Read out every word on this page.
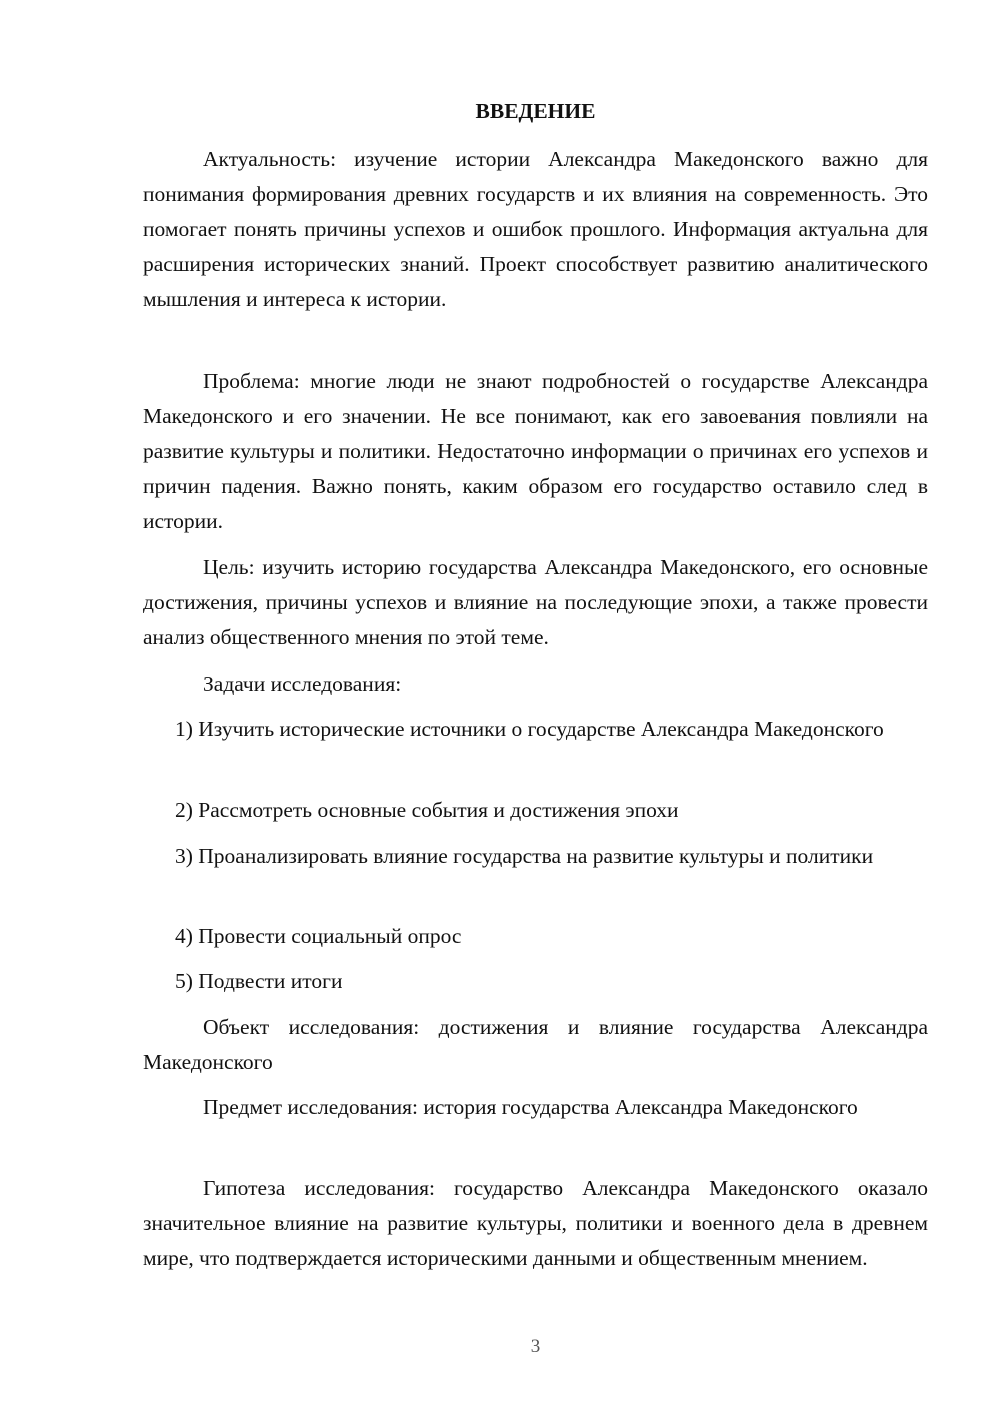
ВВЕДЕНИЕ

Актуальность: изучение истории Александра Македонского важно для понимания формирования древних государств и их влияния на современность. Это помогает понять причины успехов и ошибок прошлого. Информация актуальна для расширения исторических знаний. Проект способствует развитию аналитического мышления и интереса к истории.

Проблема: многие люди не знают подробностей о государстве Александра Македонского и его значении. Не все понимают, как его завоевания повлияли на развитие культуры и политики. Недостаточно информации о причинах его успехов и причин падения. Важно понять, каким образом его государство оставило след в истории.

Цель: изучить историю государства Александра Македонского, его основные достижения, причины успехов и влияние на последующие эпохи, а также провести анализ общественного мнения по этой теме.

Задачи исследования:

1) Изучить исторические источники о государстве Александра Македонского

2) Рассмотреть основные события и достижения эпохи

3) Проанализировать влияние государства на развитие культуры и политики

4) Провести социальный опрос

5) Подвести итоги

Объект исследования: достижения и влияние государства Александра Македонского

Предмет исследования: история государства Александра Македонского

Гипотеза исследования: государство Александра Македонского оказало значительное влияние на развитие культуры, политики и военного дела в древнем мире, что подтверждается историческими данными и общественным мнением.

3
